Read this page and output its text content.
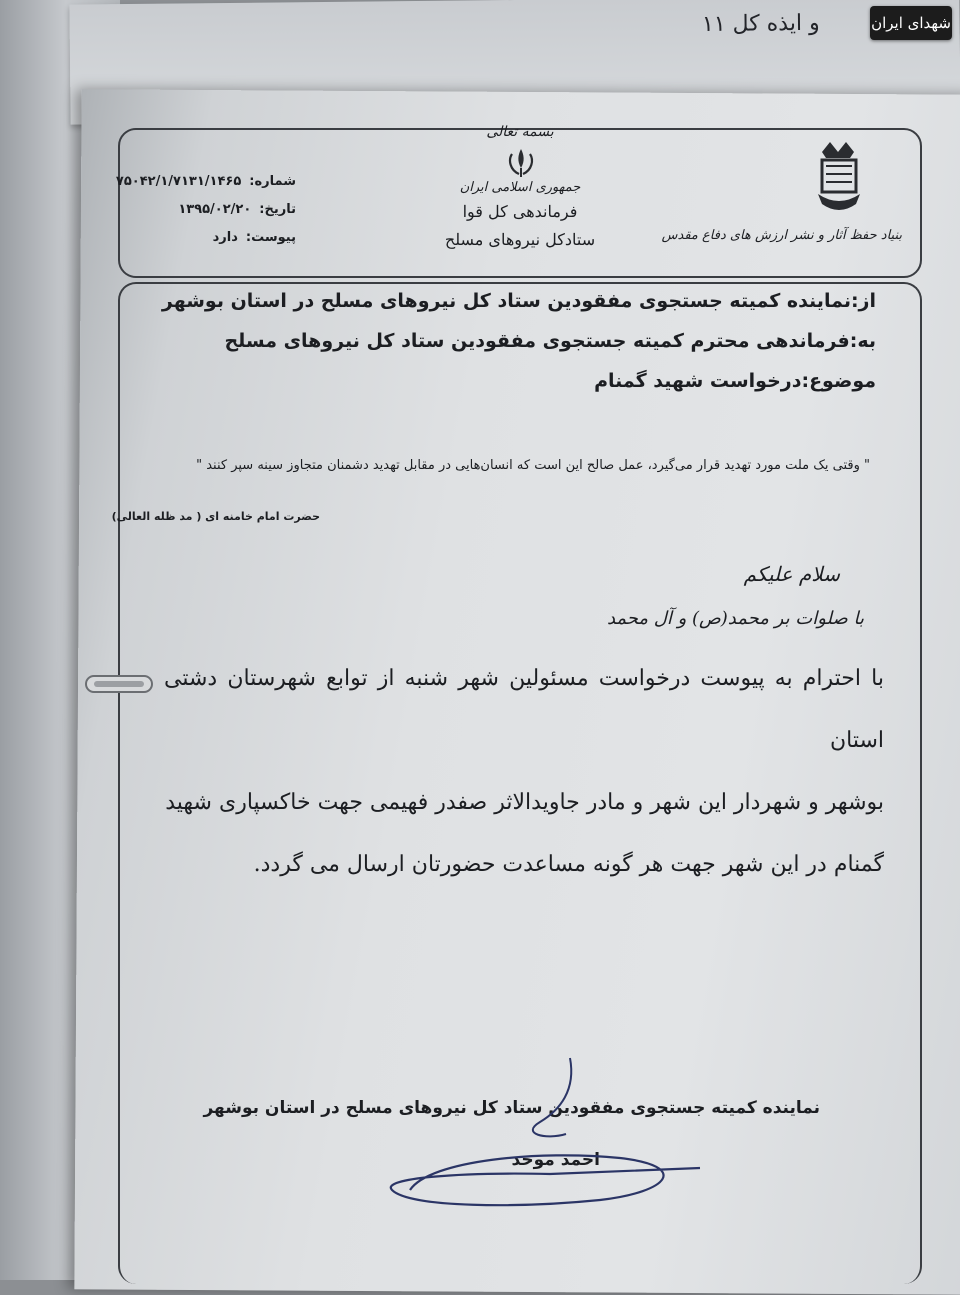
و ایذه کل ۱۱
بسمه تعالی
جمهوری اسلامی ایران
فرماندهی کل قوا
ستادکل نیروهای مسلح	بنیاد حفظ آثار و نشر ارزش های دفاع مقدس
شماره:۷۵۰۴۲/۱/۷۱۳۱/۱۴۶۵
تاریخ:۱۳۹۵/۰۲/۲۰
پیوست:دارد
از:نماینده کمیته جستجوی مفقودین ستاد کل نیروهای مسلح در استان بوشهر
به:فرماندهی محترم کمیته جستجوی مفقودین ستاد کل نیروهای مسلح
موضوع:درخواست شهید گمنام
" وقتی یک ملت مورد تهدید قرار می‌گیرد، عمل صالح این است که انسان‌هایی در مقابل تهدید دشمنان متجاوز سینه سپر کنند "
حضرت امام خامنه ای ( مد ظله العالی)
سلام علیکم
با صلوات بر محمد(ص) و آل محمد
با احترام به پیوست درخواست مسئولین شهر شنبه از توابع شهرستان دشتی استان
بوشهر و شهردار این شهر و مادر جاویدالاثر صفدر فهیمی جهت خاکسپاری شهید
گمنام در این شهر جهت هر گونه مساعدت حضورتان ارسال می گردد.
نماینده کمیته جستجوی مفقودین ستاد کل نیروهای مسلح در استان بوشهر
احمد موحد
شهدای ایران
